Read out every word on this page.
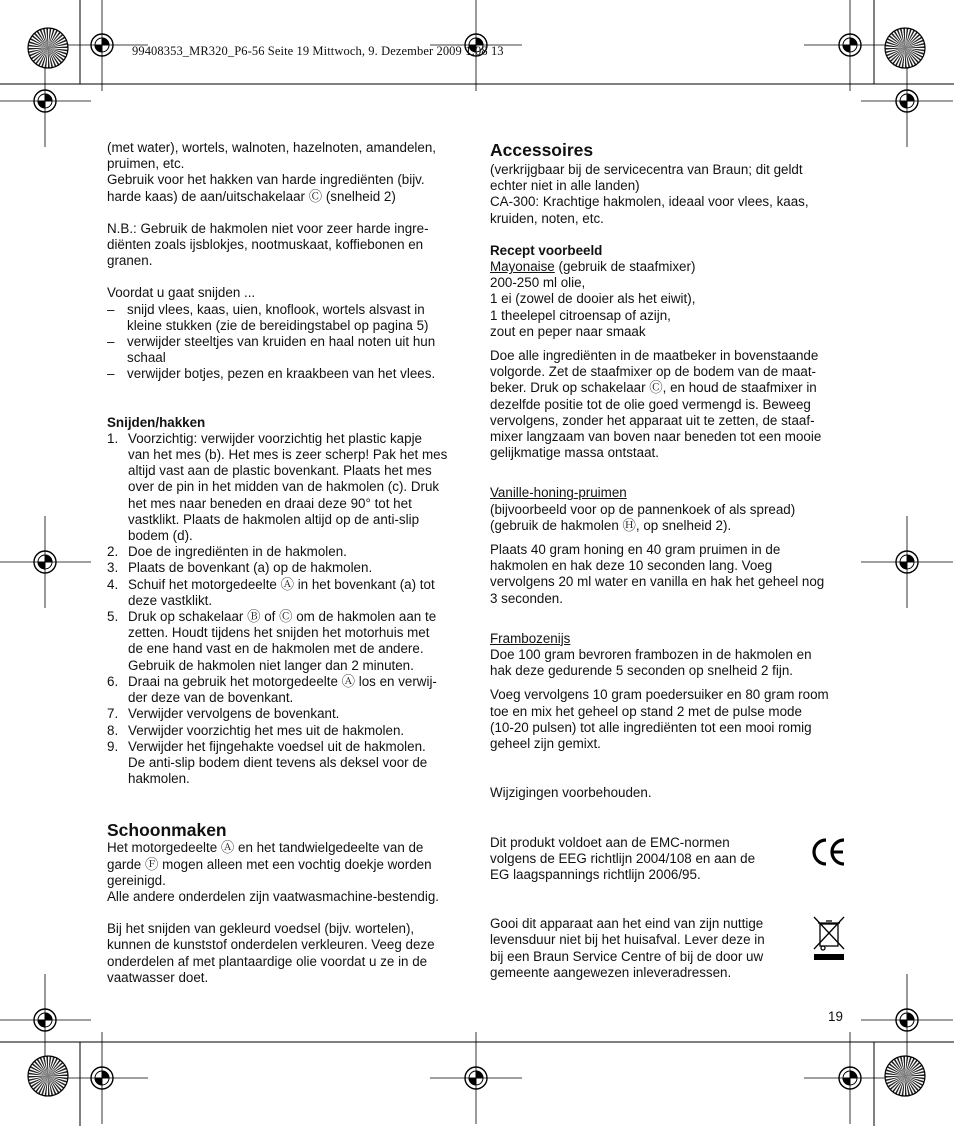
99408353_MR320_P6-56 Seite 19 Mittwoch, 9. Dezember 2009 1:08 13

(met water), wortels, walnoten, hazelnoten, amandelen,

pruimen, etc.

Gebruik voor het hakken van harde ingrediënten (bijv.

harde kaas) de aan/uitschakelaar Ⓒ (snelheid 2)

N.B.: Gebruik de hakmolen niet voor zeer harde ingre-

diënten zoals ijsblokjes, nootmuskaat, koffiebonen en

granen.

Voordat u gaat snijden ...

– snijd vlees, kaas, uien, knoflook, wortels alsvast in

kleine stukken (zie de bereidingstabel op pagina 5)

– verwijder steeltjes van kruiden en haal noten uit hun

schaal

– verwijder botjes, pezen en kraakbeen van het vlees.

Snijden/hakken

1. Voorzichtig: verwijder voorzichtig het plastic kapje

van het mes (b). Het mes is zeer scherp! Pak het mes

altijd vast aan de plastic bovenkant. Plaats het mes

over de pin in het midden van de hakmolen (c). Druk

het mes naar beneden en draai deze 90° tot het

vastklikt. Plaats de hakmolen altijd op de anti-slip

bodem (d).

2. Doe de ingrediënten in de hakmolen.

3. Plaats de bovenkant (a) op de hakmolen.

4. Schuif het motorgedeelte Ⓐ in het bovenkant (a) tot

deze vastklikt.

5. Druk op schakelaar Ⓑ of Ⓒ om de hakmolen aan te

zetten. Houdt tijdens het snijden het motorhuis met

de ene hand vast en de hakmolen met de andere.

Gebruik de hakmolen niet langer dan 2 minuten.

6. Draai na gebruik het motorgedeelte Ⓐ los en verwij-

der deze van de bovenkant.

7. Verwijder vervolgens de bovenkant.

8. Verwijder voorzichtig het mes uit de hakmolen.

9. Verwijder het fijngehakte voedsel uit de hakmolen.

De anti-slip bodem dient tevens als deksel voor de

hakmolen.

Schoonmaken

Het motorgedeelte Ⓐ en het tandwielgedeelte van de

garde Ⓕ mogen alleen met een vochtig doekje worden

gereinigd.

Alle andere onderdelen zijn vaatwasmachine-bestendig.

Bij het snijden van gekleurd voedsel (bijv. wortelen),

kunnen de kunststof onderdelen verkleuren. Veeg deze

onderdelen af met plantaardige olie voordat u ze in de

vaatwasser doet.

Accessoires

(verkrijgbaar bij de servicecentra van Braun; dit geldt

echter niet in alle landen)

CA-300: Krachtige hakmolen, ideaal voor vlees, kaas,

kruiden, noten, etc.

Recept voorbeeld

Mayonaise (gebruik de staafmixer)

200-250 ml olie,

1 ei (zowel de dooier als het eiwit),

1 theelepel citroensap of azijn,

zout en peper naar smaak

Doe alle ingrediënten in de maatbeker in bovenstaande

volgorde. Zet de staafmixer op de bodem van de maat-

beker. Druk op schakelaar Ⓒ, en houd de staafmixer in

dezelfde positie tot de olie goed vermengd is. Beweeg

vervolgens, zonder het apparaat uit te zetten, de staaf-

mixer langzaam van boven naar beneden tot een mooie

gelijkmatige massa ontstaat.

Vanille-honing-pruimen

(bijvoorbeeld voor op de pannenkoek of als spread)

(gebruik de hakmolen Ⓗ, op snelheid 2).

Plaats 40 gram honing en 40 gram pruimen in de

hakmolen en hak deze 10 seconden lang. Voeg

vervolgens 20 ml water en vanilla en hak het geheel nog

3 seconden.

Frambozenijs

Doe 100 gram bevroren frambozen in de hakmolen en

hak deze gedurende 5 seconden op snelheid 2 fijn.

Voeg vervolgens 10 gram poedersuiker en 80 gram room

toe en mix het geheel op stand 2 met de pulse mode

(10-20 pulsen) tot alle ingrediënten tot een mooi romig

geheel zijn gemixt.

Wijzigingen voorbehouden.

Dit produkt voldoet aan de EMC-normen

volgens de EEG richtlijn 2004/108 en aan de

EG laagspannings richtlijn 2006/95.

Gooi dit apparaat aan het eind van zijn nuttige

levensduur niet bij het huisafval. Lever deze in

bij een Braun Service Centre of bij de door uw

gemeente aangewezen inleveradressen.

19
